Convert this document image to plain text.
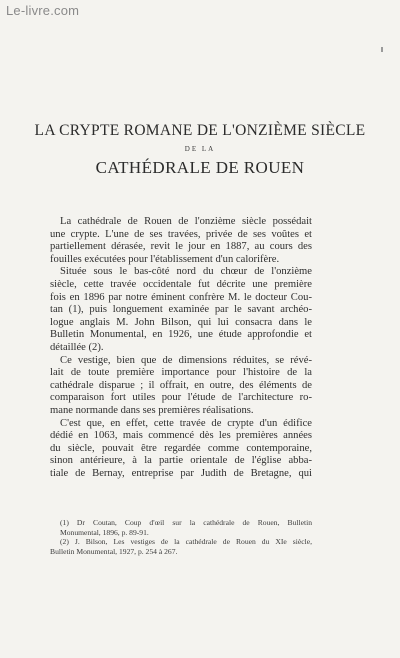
Le-livre.com
LA CRYPTE ROMANE DE L'ONZIÈME SIÈCLE
DE LA
CATHÉDRALE DE ROUEN
La cathédrale de Rouen de l'onzième siècle possédait
une crypte. L'une de ses travées, privée de ses voûtes et
partiellement dérasée, revit le jour en 1887, au cours des
fouilles exécutées pour l'établissement d'un calorifère.
Située sous le bas-côté nord du chœur de l'onzième
siècle, cette travée occidentale fut décrite une première
fois en 1896 par notre éminent confrère M. le docteur Cou-
tan (1), puis longuement examinée par le savant archéo-
logue anglais M. John Bilson, qui lui consacra dans le
Bulletin Monumental, en 1926, une étude approfondie et
détaillée (2).
Ce vestige, bien que de dimensions réduites, se révé-
lait de toute première importance pour l'histoire de la
cathédrale disparue ; il offrait, en outre, des éléments de
comparaison fort utiles pour l'étude de l'architecture ro-
mane normande dans ses premières réalisations.
C'est que, en effet, cette travée de crypte d'un édifice
dédié en 1063, mais commencé dès les premières années
du siècle, pouvait être regardée comme contemporaine,
sinon antérieure, à la partie orientale de l'église abba-
tiale de Bernay, entreprise par Judith de Bretagne, qui
(1) Dr Coutan, Coup d'œil sur la cathédrale de Rouen, Bulletin
Monumental, 1896, p. 89-91.
(2) J. Bilson, Les vestiges de la cathédrale de Rouen du XIe siècle,
Bulletin Monumental, 1927, p. 254 à 267.
